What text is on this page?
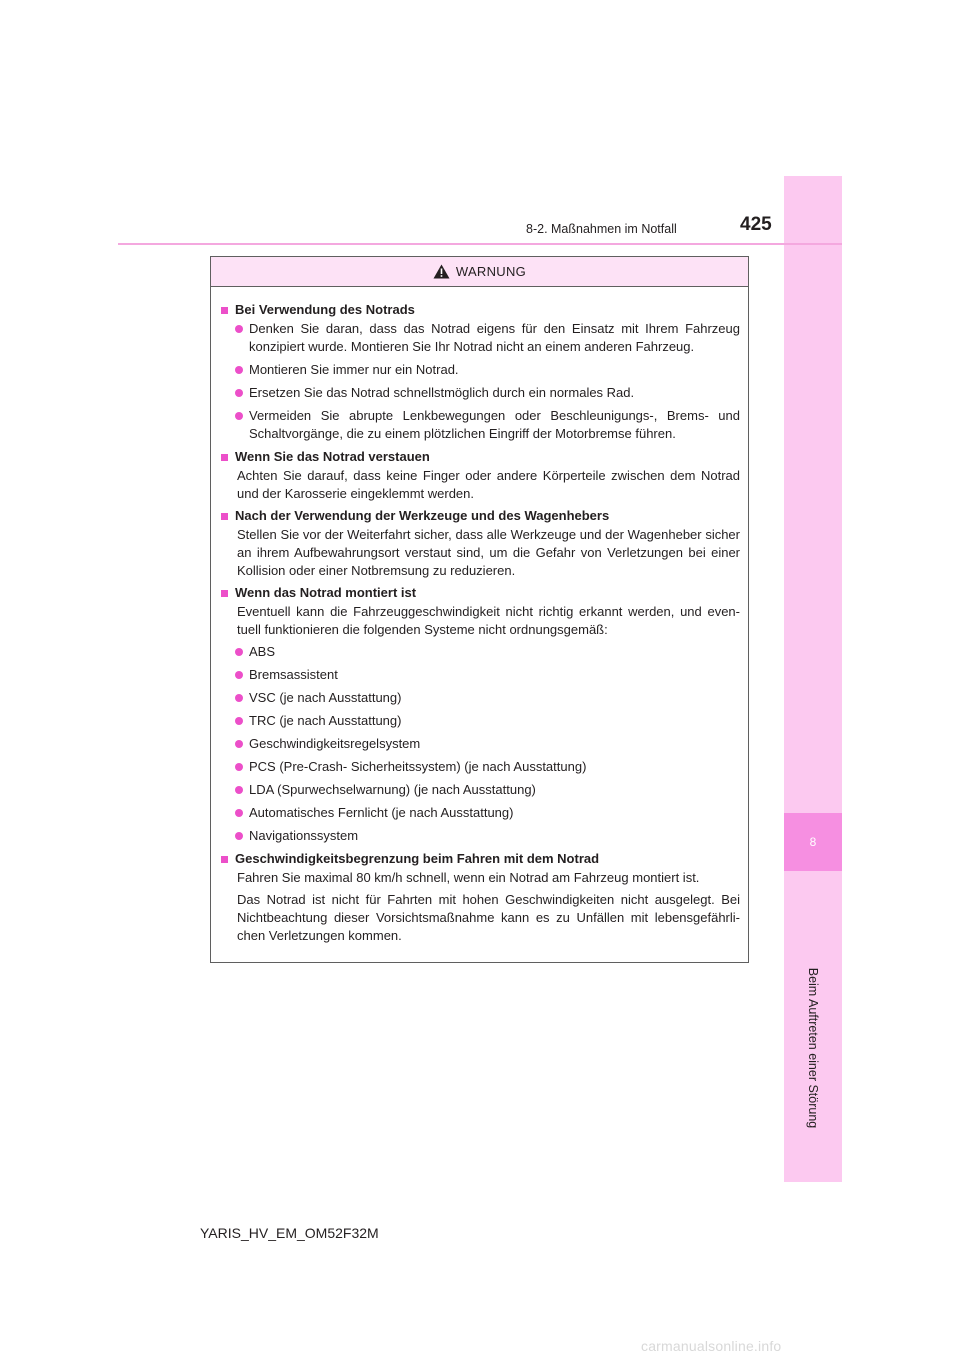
8
Beim Auftreten einer Störung
8-2. Maßnahmen im Notfall	425
WARNUNG
Bei Verwendung des Notrads
Denken Sie daran, dass das Notrad eigens für den Einsatz mit Ihrem Fahrzeug konzipiert wurde. Montieren Sie Ihr Notrad nicht an einem anderen Fahrzeug.
Montieren Sie immer nur ein Notrad.
Ersetzen Sie das Notrad schnellstmöglich durch ein normales Rad.
Vermeiden Sie abrupte Lenkbewegungen oder Beschleunigungs-, Brems- und Schaltvorgänge, die zu einem plötzlichen Eingriff der Motorbremse führen.
Wenn Sie das Notrad verstauen
Achten Sie darauf, dass keine Finger oder andere Körperteile zwischen dem Notrad und der Karosserie eingeklemmt werden.
Nach der Verwendung der Werkzeuge und des Wagenhebers
Stellen Sie vor der Weiterfahrt sicher, dass alle Werkzeuge und der Wagenheber sicher an ihrem Aufbewahrungsort verstaut sind, um die Gefahr von Verletzungen bei einer Kollision oder einer Notbremsung zu reduzieren.
Wenn das Notrad montiert ist
Eventuell kann die Fahrzeuggeschwindigkeit nicht richtig erkannt werden, und even-tuell funktionieren die folgenden Systeme nicht ordnungsgemäß:
ABS
Bremsassistent
VSC (je nach Ausstattung)
TRC (je nach Ausstattung)
Geschwindigkeitsregelsystem
PCS (Pre-Crash- Sicherheitssystem) (je nach Ausstattung)
LDA (Spurwechselwarnung) (je nach Ausstattung)
Automatisches Fernlicht (je nach Ausstattung)
Navigationssystem
Geschwindigkeitsbegrenzung beim Fahren mit dem Notrad
Fahren Sie maximal 80 km/h schnell, wenn ein Notrad am Fahrzeug montiert ist.
Das Notrad ist nicht für Fahrten mit hohen Geschwindigkeiten nicht ausgelegt. Bei Nichtbeachtung dieser Vorsichtsmaßnahme kann es zu Unfällen mit lebensgefährli-chen Verletzungen kommen.
YARIS_HV_EM_OM52F32M
carmanualsonline.info
